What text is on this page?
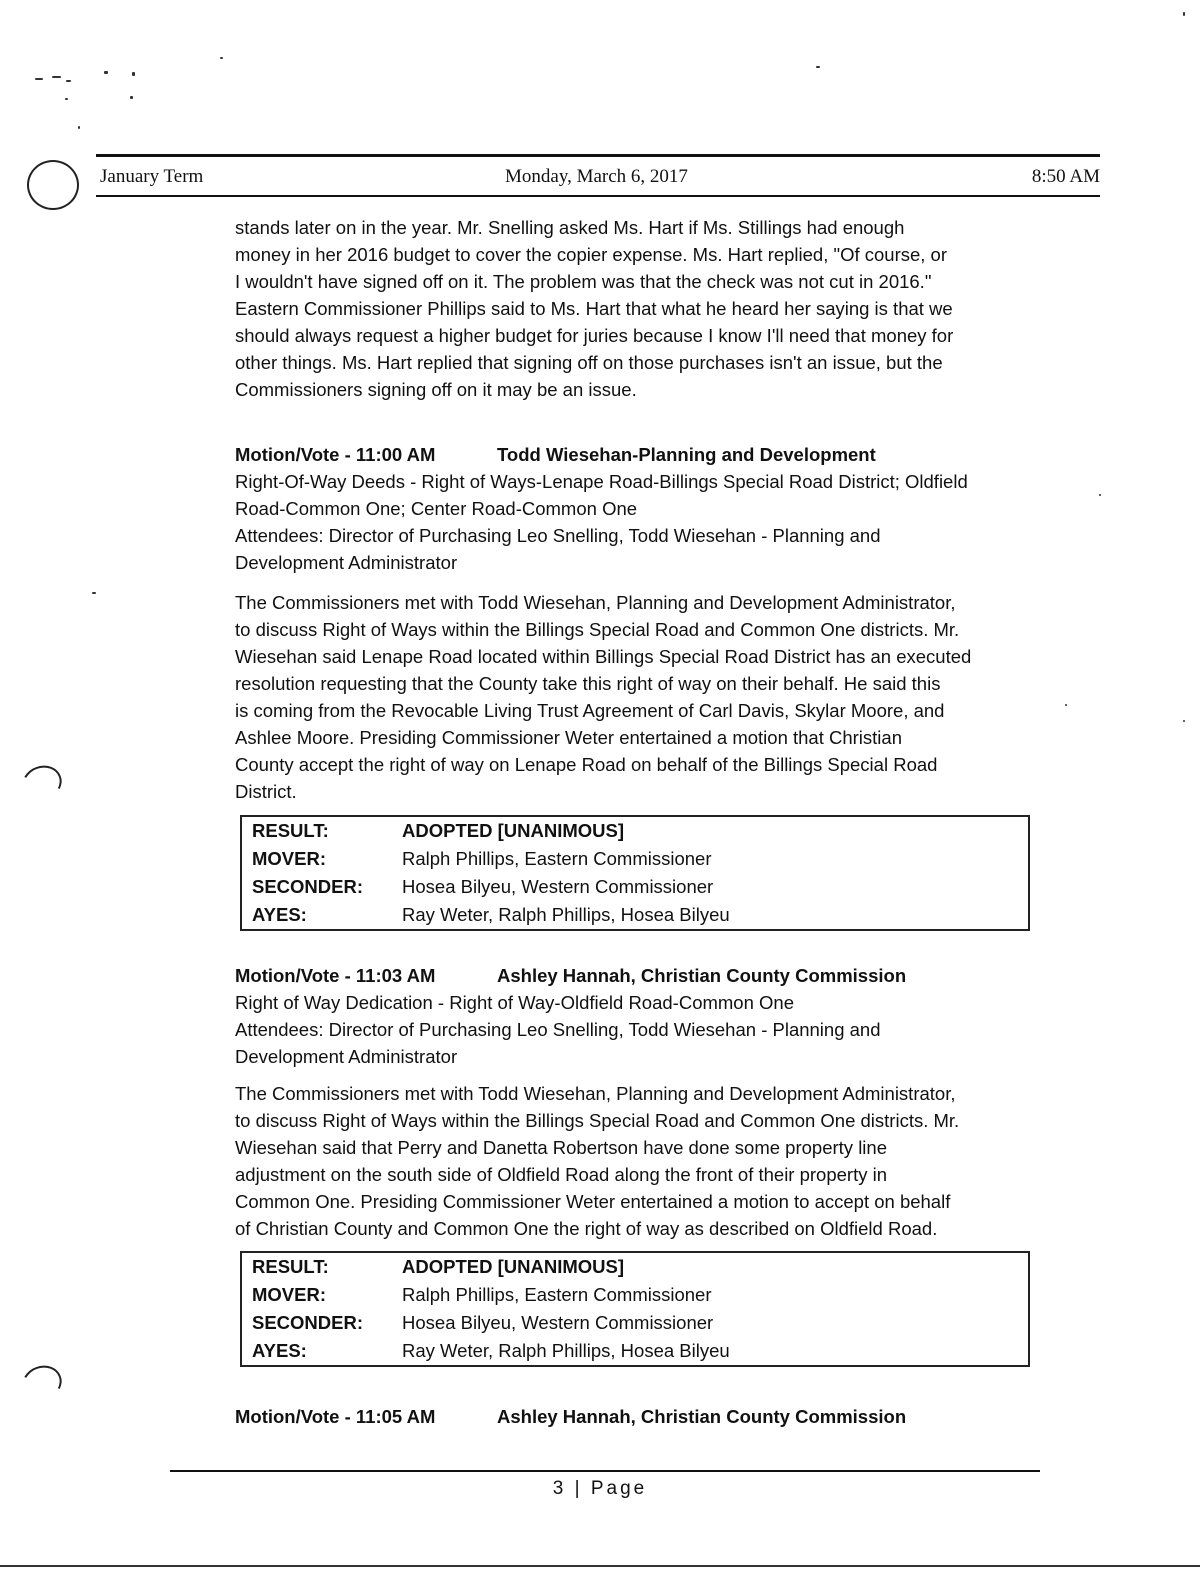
January Term	Monday, March 6, 2017	8:50 AM

stands later on in the year. Mr. Snelling asked Ms. Hart if Ms. Stillings had enough

money in her 2016 budget to cover the copier expense. Ms. Hart replied, "Of course, or

I wouldn't have signed off on it. The problem was that the check was not cut in 2016."

Eastern Commissioner Phillips said to Ms. Hart that what he heard her saying is that we

should always request a higher budget for juries because I know I'll need that money for

other things. Ms. Hart replied that signing off on those purchases isn't an issue, but the

Commissioners signing off on it may be an issue.

Motion/Vote - 11:00 AM	Todd Wiesehan-Planning and Development

Right-Of-Way Deeds - Right of Ways-Lenape Road-Billings Special Road District; Oldfield

Road-Common One; Center Road-Common One

Attendees: Director of Purchasing Leo Snelling, Todd Wiesehan - Planning and

Development Administrator

The Commissioners met with Todd Wiesehan, Planning and Development Administrator,

to discuss Right of Ways within the Billings Special Road and Common One districts. Mr.

Wiesehan said Lenape Road located within Billings Special Road District has an executed

resolution requesting that the County take this right of way on their behalf. He said this

is coming from the Revocable Living Trust Agreement of Carl Davis, Skylar Moore, and

Ashlee Moore. Presiding Commissioner Weter entertained a motion that Christian

County accept the right of way on Lenape Road on behalf of the Billings Special Road

District.

RESULT:	ADOPTED [UNANIMOUS]
MOVER:	Ralph Phillips, Eastern Commissioner
SECONDER:	Hosea Bilyeu, Western Commissioner
AYES:	Ray Weter, Ralph Phillips, Hosea Bilyeu

Motion/Vote - 11:03 AM	Ashley Hannah, Christian County Commission

Right of Way Dedication - Right of Way-Oldfield Road-Common One

Attendees: Director of Purchasing Leo Snelling, Todd Wiesehan - Planning and

Development Administrator

The Commissioners met with Todd Wiesehan, Planning and Development Administrator,

to discuss Right of Ways within the Billings Special Road and Common One districts. Mr.

Wiesehan said that Perry and Danetta Robertson have done some property line

adjustment on the south side of Oldfield Road along the front of their property in

Common One. Presiding Commissioner Weter entertained a motion to accept on behalf

of Christian County and Common One the right of way as described on Oldfield Road.

RESULT:	ADOPTED [UNANIMOUS]
MOVER:	Ralph Phillips, Eastern Commissioner
SECONDER:	Hosea Bilyeu, Western Commissioner
AYES:	Ray Weter, Ralph Phillips, Hosea Bilyeu

Motion/Vote - 11:05 AM	Ashley Hannah, Christian County Commission

3 | Page
